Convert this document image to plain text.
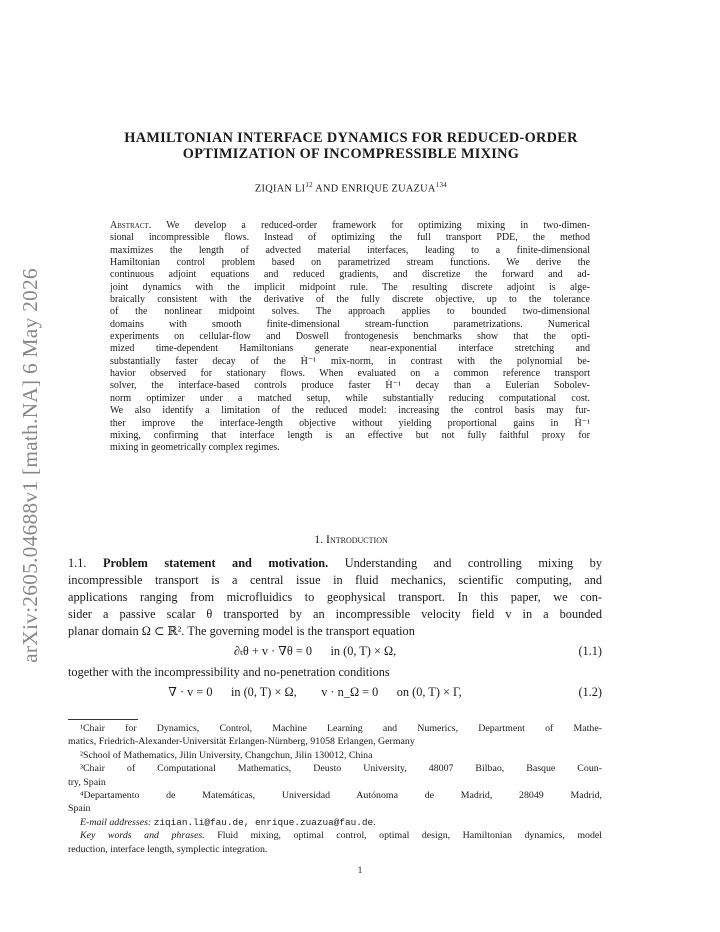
arXiv:2605.04688v1 [math.NA] 6 May 2026
HAMILTONIAN INTERFACE DYNAMICS FOR REDUCED-ORDER
OPTIMIZATION OF INCOMPRESSIBLE MIXING
ZIQIAN LI$^{12}$ AND ENRIQUE ZUAZUA$^{134}$
Abstract. We develop a reduced-order framework for optimizing mixing in two-dimen-
sional incompressible flows. Instead of optimizing the full transport PDE, the method
maximizes the length of advected material interfaces, leading to a finite-dimensional
Hamiltonian control problem based on parametrized stream functions. We derive the
continuous adjoint equations and reduced gradients, and discretize the forward and ad-
joint dynamics with the implicit midpoint rule. The resulting discrete adjoint is alge-
braically consistent with the derivative of the fully discrete objective, up to the tolerance
of the nonlinear midpoint solves. The approach applies to bounded two-dimensional
domains with smooth finite-dimensional stream-function parametrizations. Numerical
experiments on cellular-flow and Doswell frontogenesis benchmarks show that the opti-
mized time-dependent Hamiltonians generate near-exponential interface stretching and
substantially faster decay of the Ḣ⁻¹ mix-norm, in contrast with the polynomial be-
havior observed for stationary flows. When evaluated on a common reference transport
solver, the interface-based controls produce faster Ḣ⁻¹ decay than a Eulerian Sobolev-
norm optimizer under a matched setup, while substantially reducing computational cost.
We also identify a limitation of the reduced model: increasing the control basis may fur-
ther improve the interface-length objective without yielding proportional gains in Ḣ⁻¹
mixing, confirming that interface length is an effective but not fully faithful proxy for
mixing in geometrically complex regimes.
1. Introduction
1.1. Problem statement and motivation. Understanding and controlling mixing by
incompressible transport is a central issue in fluid mechanics, scientific computing, and
applications ranging from microfluidics to geophysical transport. In this paper, we con-
sider a passive scalar θ transported by an incompressible velocity field v in a bounded
planar domain Ω ⊂ ℝ². The governing model is the transport equation
∂ₜθ + v · ∇θ = 0      in (0, T) × Ω,	(1.1)
together with the incompressibility and no-penetration conditions
∇ · v = 0      in (0, T) × Ω,        v · n_Ω = 0      on (0, T) × Γ,	(1.2)
¹Chair for Dynamics, Control, Machine Learning and Numerics, Department of Mathe-
matics, Friedrich-Alexander-Universität Erlangen-Nürnberg, 91058 Erlangen, Germany
²School of Mathematics, Jilin University, Changchun, Jilin 130012, China
³Chair of Computational Mathematics, Deusto University, 48007 Bilbao, Basque Coun-
try, Spain
⁴Departamento de Matemáticas, Universidad Autónoma de Madrid, 28049 Madrid,
Spain
E-mail addresses: ziqian.li@fau.de, enrique.zuazua@fau.de.
Key words and phrases. Fluid mixing, optimal control, optimal design, Hamiltonian dynamics, model
reduction, interface length, symplectic integration.
1
